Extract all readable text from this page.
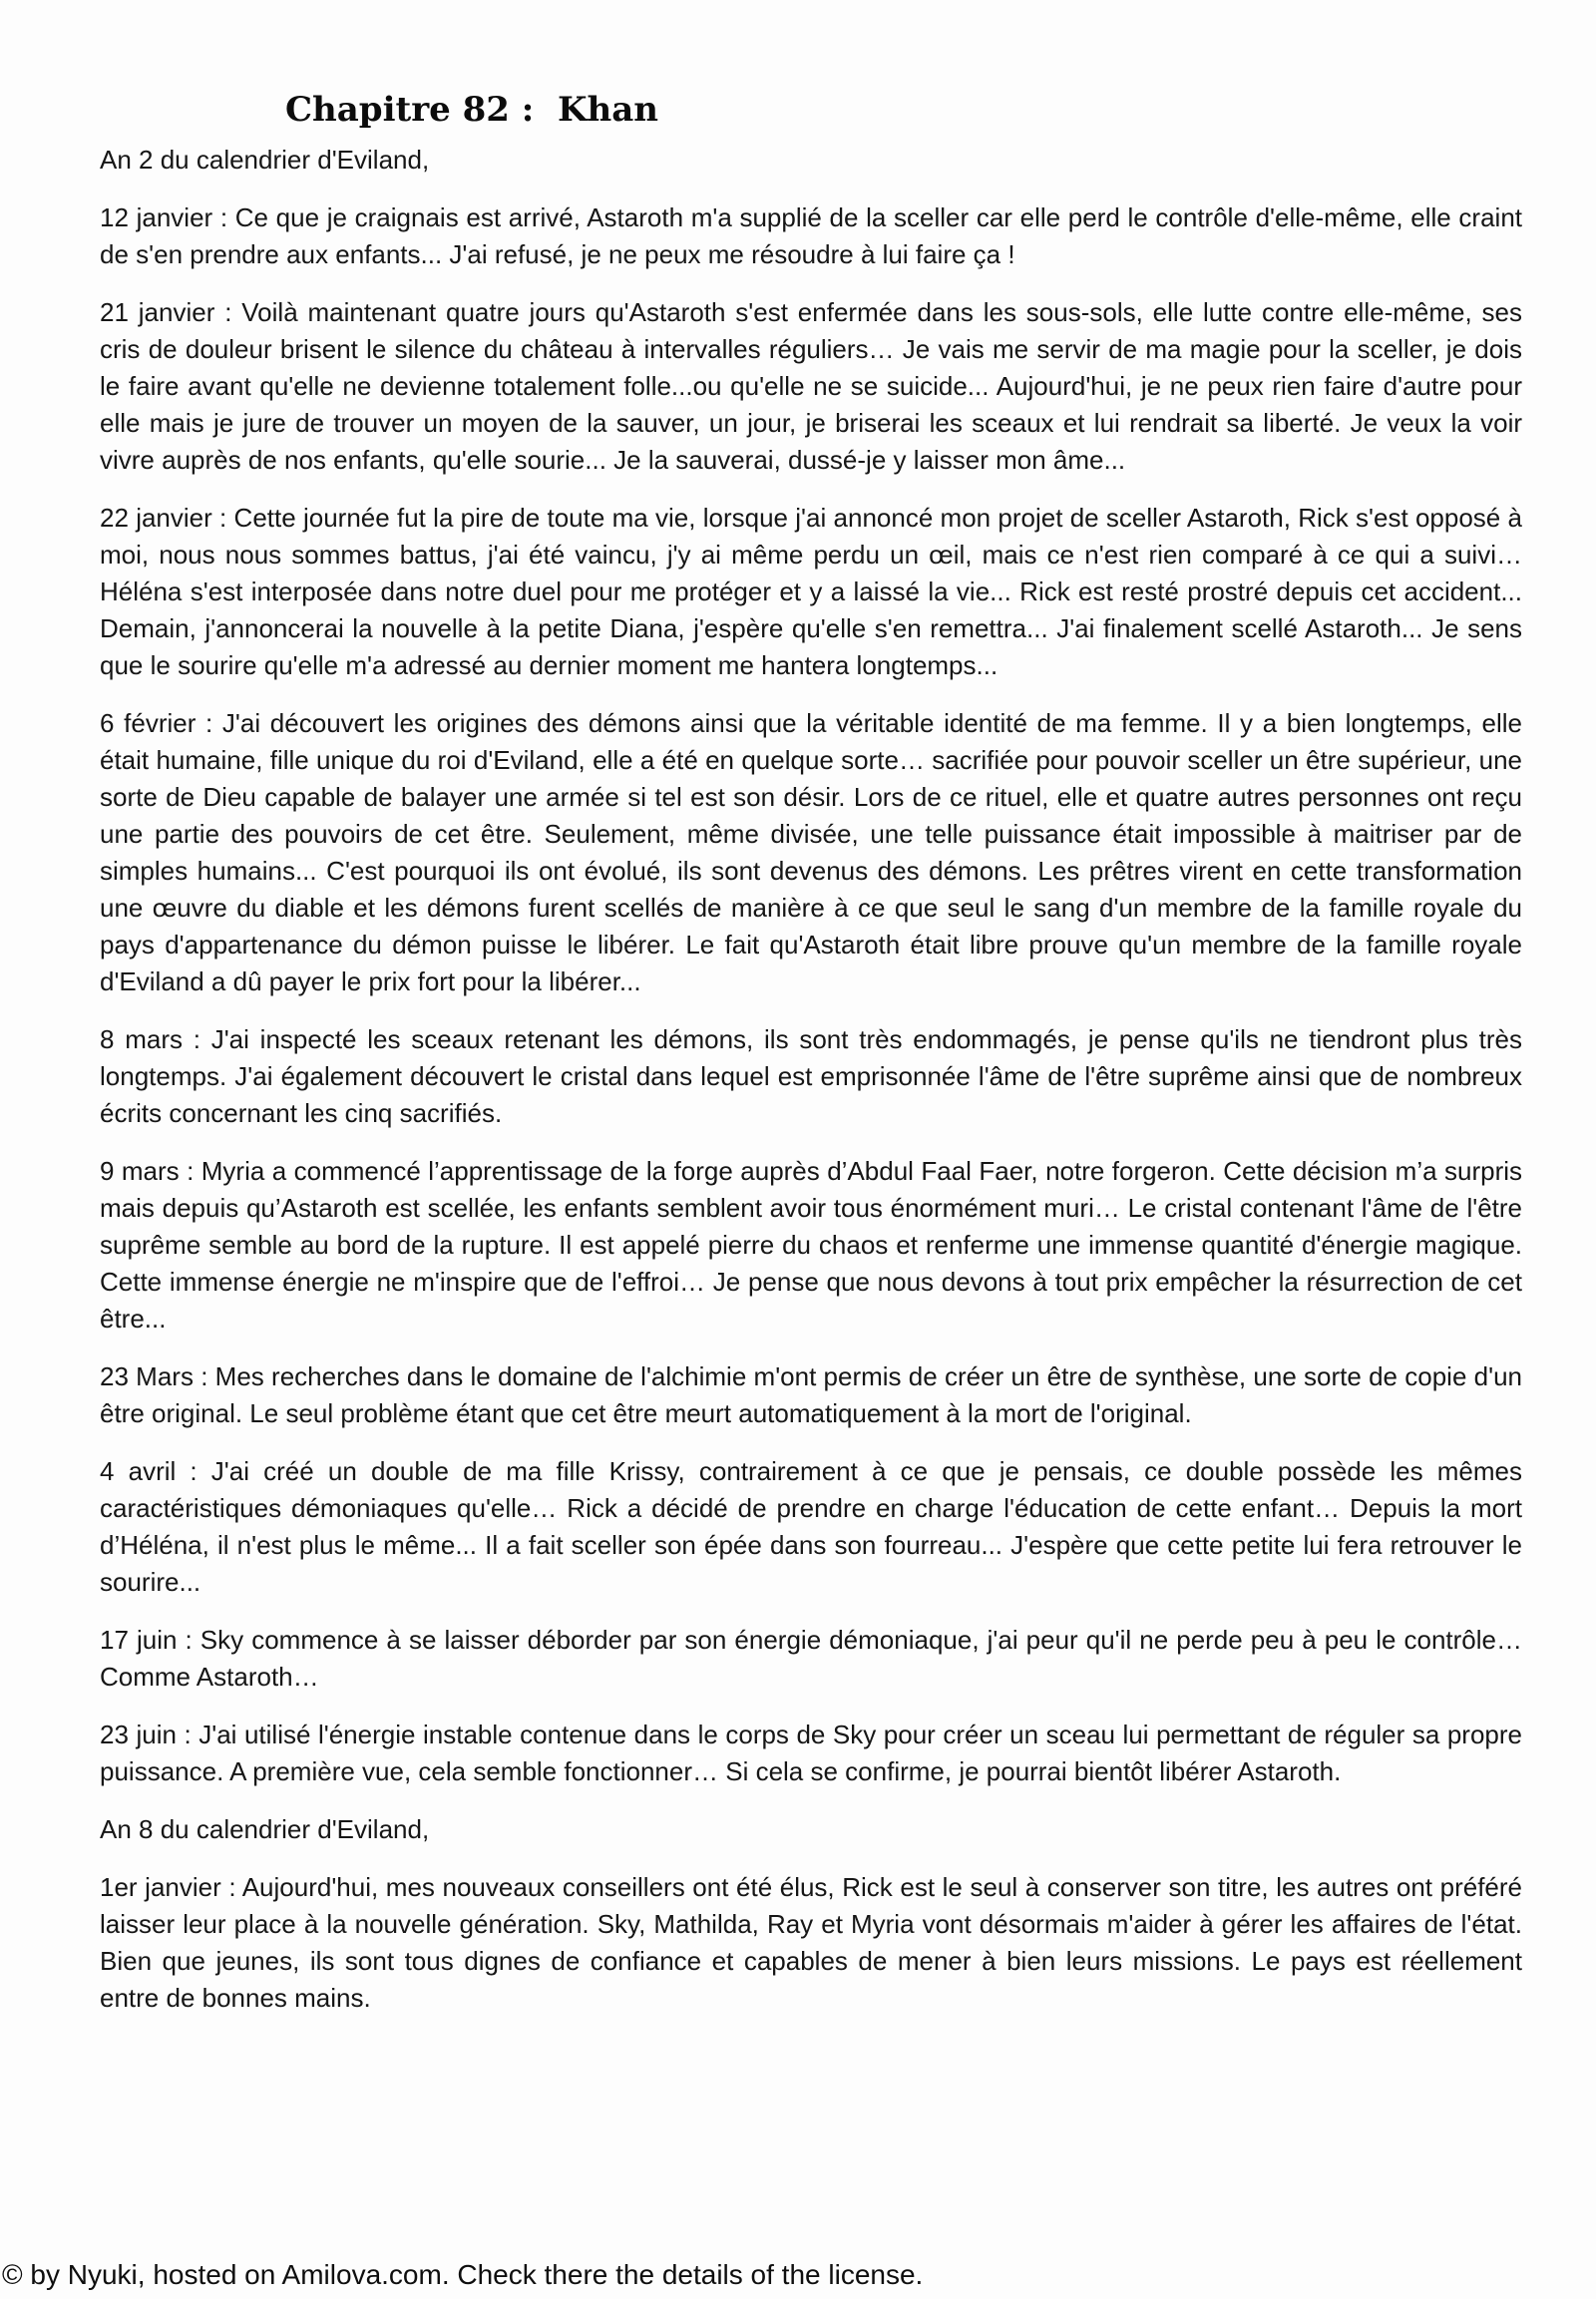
Chapitre 82 :  Khan

An 2 du calendrier d'Eviland,

12 janvier : Ce que je craignais est arrivé, Astaroth m'a supplié de la sceller car elle perd le contrôle d'elle-même, elle craint de s'en prendre aux enfants... J'ai refusé, je ne peux me résoudre à lui faire ça !

21 janvier : Voilà maintenant quatre jours qu'Astaroth s'est enfermée dans les sous-sols, elle lutte contre elle-même, ses cris de douleur brisent le silence du château à intervalles réguliers… Je vais me servir de ma magie pour la sceller, je dois le faire avant qu'elle ne devienne totalement folle...ou qu'elle ne se suicide... Aujourd'hui, je ne peux rien faire d'autre pour elle mais je jure de trouver un moyen de la sauver, un jour, je briserai les sceaux et lui rendrait sa liberté. Je veux la voir vivre auprès de nos enfants, qu'elle sourie... Je la sauverai, dussé-je y laisser mon âme...

22 janvier : Cette journée fut la pire de toute ma vie, lorsque j'ai annoncé mon projet de sceller Astaroth, Rick s'est opposé à moi, nous nous sommes battus, j'ai été vaincu, j'y ai même perdu un œil, mais ce n'est rien comparé à ce qui a suivi… Héléna s'est interposée dans notre duel pour me protéger et y a laissé la vie... Rick est resté prostré depuis cet accident... Demain, j'annoncerai la nouvelle à la petite Diana, j'espère qu'elle s'en remettra... J'ai finalement scellé Astaroth... Je sens que le sourire qu'elle m'a adressé au dernier moment me hantera longtemps...

6 février : J'ai découvert les origines des démons ainsi que la véritable identité de ma femme. Il y a bien longtemps, elle était humaine, fille unique du roi d'Eviland, elle a été en quelque sorte… sacrifiée pour pouvoir sceller un être supérieur, une sorte de Dieu capable de balayer une armée si tel est son désir. Lors de ce rituel, elle et quatre autres personnes ont reçu une partie des pouvoirs de cet être. Seulement, même divisée, une telle puissance était impossible à maitriser par de simples humains... C'est pourquoi ils ont évolué, ils sont devenus des démons. Les prêtres virent en cette transformation une œuvre du diable et les démons furent scellés de manière à ce que seul le sang d'un membre de la famille royale du pays d'appartenance du démon puisse le libérer. Le fait qu'Astaroth était libre prouve qu'un membre de la famille royale d'Eviland a dû payer le prix fort pour la libérer...

8 mars : J'ai inspecté les sceaux retenant les démons, ils sont très endommagés, je pense qu'ils ne tiendront plus très longtemps. J'ai également découvert le cristal dans lequel est emprisonnée l'âme de l'être suprême ainsi que de nombreux écrits concernant les cinq sacrifiés.

9 mars : Myria a commencé l’apprentissage de la forge auprès d’Abdul Faal Faer, notre forgeron. Cette décision m’a surpris mais depuis qu’Astaroth est scellée, les enfants semblent avoir tous énormément muri… Le cristal contenant l'âme de l'être suprême semble au bord de la rupture. Il est appelé pierre du chaos et renferme une immense quantité d'énergie magique. Cette immense énergie ne m'inspire que de l'effroi… Je pense que nous devons à tout prix empêcher la résurrection de cet être...

23 Mars : Mes recherches dans le domaine de l'alchimie m'ont permis de créer un être de synthèse, une sorte de copie d'un être original. Le seul problème étant que cet être meurt automatiquement à la mort de l'original.

4 avril : J'ai créé un double de ma fille Krissy, contrairement à ce que je pensais, ce double possède les mêmes caractéristiques démoniaques qu'elle… Rick a décidé de prendre en charge l'éducation de cette enfant… Depuis la mort d’Héléna, il n'est plus le même... Il a fait sceller son épée dans son fourreau... J'espère que cette petite lui fera retrouver le sourire...

17 juin : Sky commence à se laisser déborder par son énergie démoniaque, j'ai peur qu'il ne perde peu à peu le contrôle… Comme Astaroth…

23 juin : J'ai utilisé l'énergie instable contenue dans le corps de Sky pour créer un sceau lui permettant de réguler sa propre puissance. A première vue, cela semble fonctionner… Si cela se confirme, je pourrai bientôt libérer Astaroth.

An 8 du calendrier d'Eviland,

1er janvier : Aujourd'hui, mes nouveaux conseillers ont été élus, Rick est le seul à conserver son titre, les autres ont préféré laisser leur place à la nouvelle génération. Sky, Mathilda, Ray et Myria vont désormais m'aider à gérer les affaires de l'état. Bien que jeunes, ils sont tous dignes de confiance et capables de mener à bien leurs missions. Le pays est réellement entre de bonnes mains.

© by Nyuki, hosted on Amilova.com. Check there the details of the license.
